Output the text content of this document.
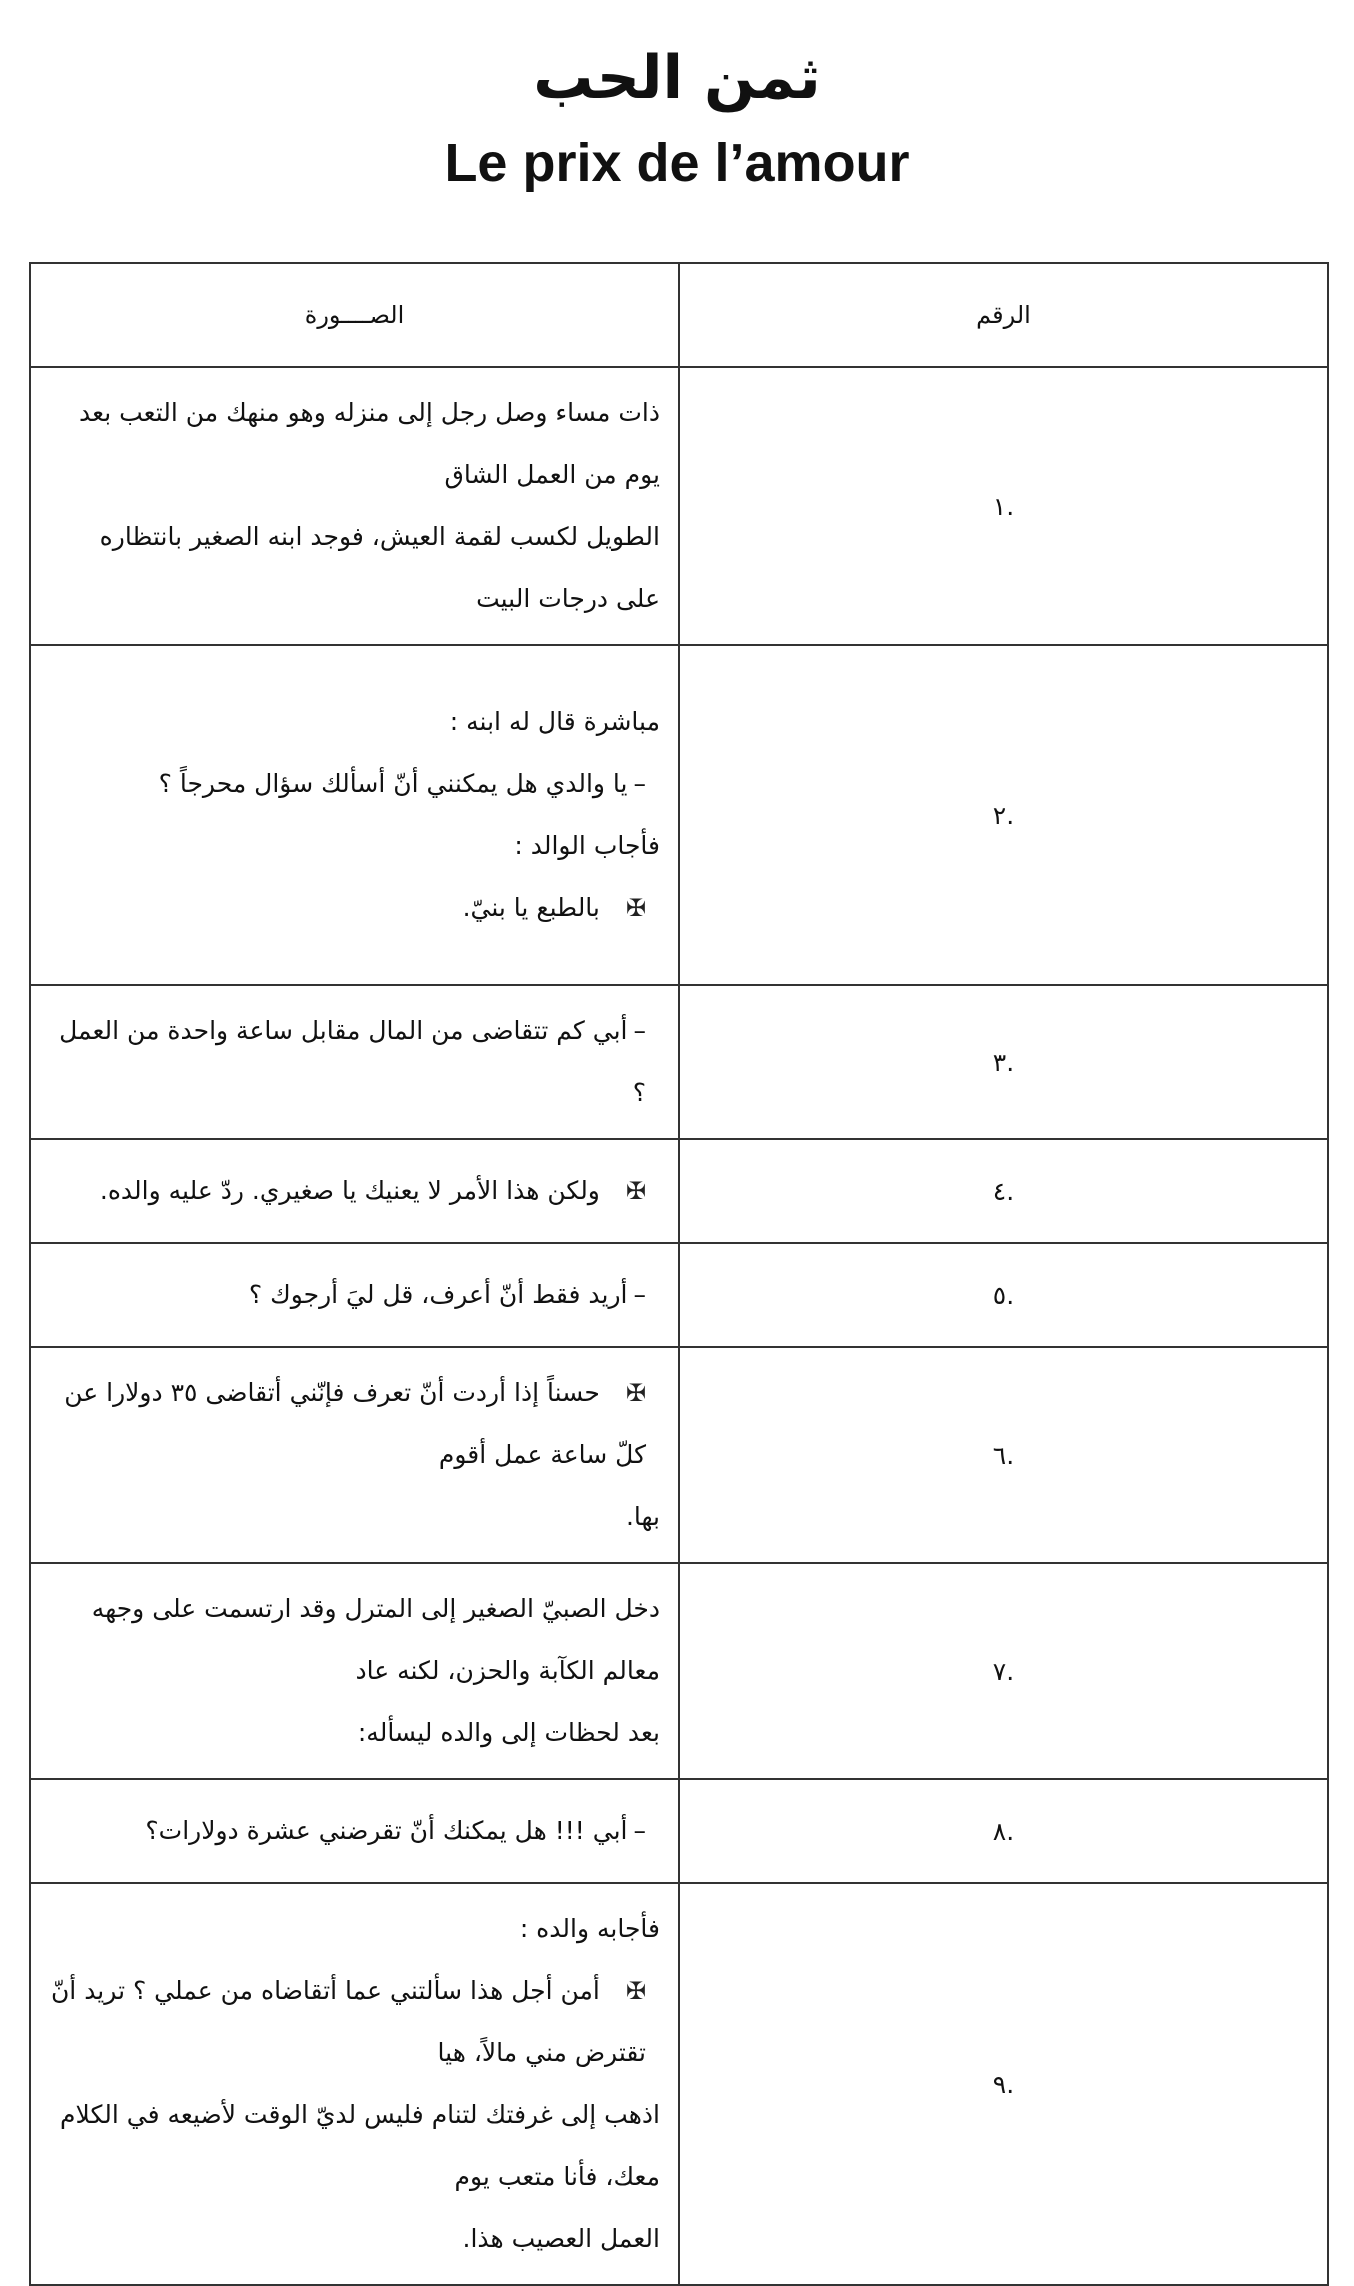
ثمن الحب
Le prix de l’amour
الرقم	الصــــورة
.١	ذات مساء وصل رجل إلى منزله وهو منهك من التعب بعد يوم من العمل الشاق
الطويل لكسب لقمة العيش، فوجد ابنه الصغير بانتظاره على درجات البيت

.٢	مباشرة قال له ابنه :
–يا والدي هل يمكنني أنّ أسألك سؤال محرجاً ؟
فأجاب الوالد :
✠بالطبع يا بنيّ.

.٣	–أبي كم تتقاضى من المال مقابل ساعة واحدة من العمل ؟

.٤	✠ولكن هذا الأمر لا يعنيك يا صغيري. ردّ عليه والده.

.٥	–أريد فقط أنّ أعرف، قل ليَ أرجوك ؟

.٦	✠حسناً إذا أردت أنّ تعرف فإنّني أتقاضى ٣٥ دولارا عن كلّ ساعة عمل أقوم
بها.

.٧	دخل الصبيّ الصغير إلى المترل وقد ارتسمت على وجهه معالم الكآبة والحزن، لكنه عاد
بعد لحظات إلى والده ليسأله:

.٨	–أبي !!! هل يمكنك أنّ تقرضني عشرة دولارات؟

.٩	فأجابه والده :
✠أمن أجل هذا سألتني عما أتقاضاه من عملي ؟ تريد أنّ تقترض مني مالاً، هيا
اذهب إلى غرفتك لتنام فليس لديّ الوقت لأضيعه في الكلام معك، فأنا متعب يوم
العمل العصيب هذا.
